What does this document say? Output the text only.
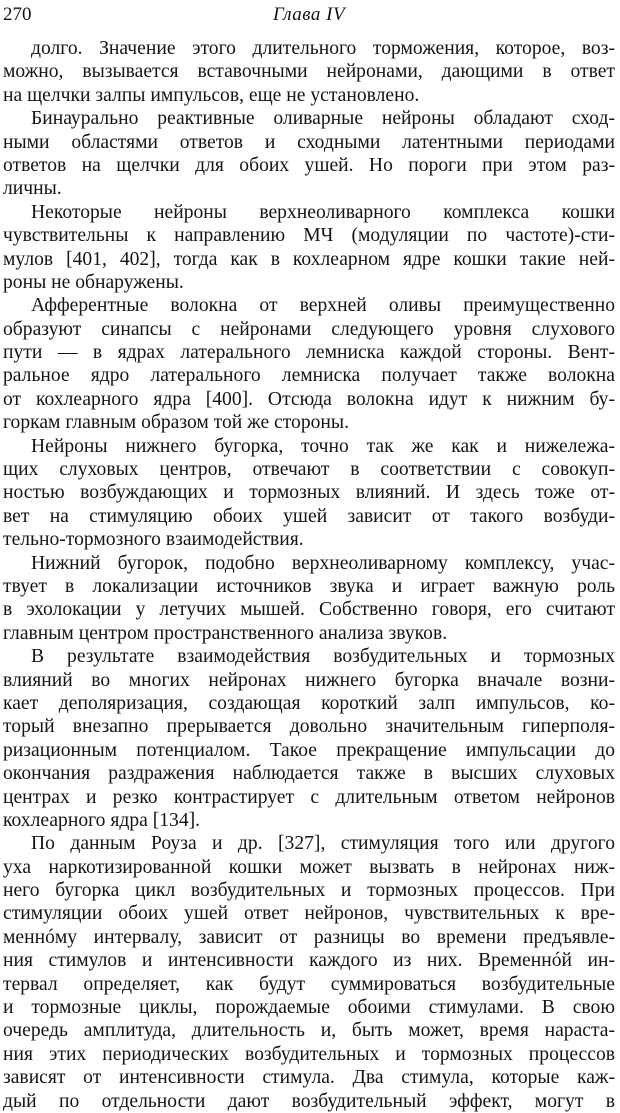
270	Глава IV
долго. Значение этого длительного торможения, которое, воз-
можно, вызывается вставочными нейронами, дающими в ответ
на щелчки залпы импульсов, еще не установлено.
Бинаурально реактивные оливарные нейроны обладают сход-
ными областями ответов и сходными латентными периодами
ответов на щелчки для обоих ушей. Но пороги при этом раз-
личны.
Некоторые нейроны верхнеоливарного комплекса кошки
чувствительны к направлению МЧ (модуляции по частоте)-сти-
мулов [401, 402], тогда как в кохлеарном ядре кошки такие ней-
роны не обнаружены.
Афферентные волокна от верхней оливы преимущественно
образуют синапсы с нейронами следующего уровня слухового
пути — в ядрах латерального лемниска каждой стороны. Вент-
ральное ядро латерального лемниска получает также волокна
от кохлеарного ядра [400]. Отсюда волокна идут к нижним бу-
горкам главным образом той же стороны.
Нейроны нижнего бугорка, точно так же как и нижележа-
щих слуховых центров, отвечают в соответствии с совокуп-
ностью возбуждающих и тормозных влияний. И здесь тоже от-
вет на стимуляцию обоих ушей зависит от такого возбуди-
тельно-тормозного взаимодействия.
Нижний бугорок, подобно верхнеоливарному комплексу, учас-
твует в локализации источников звука и играет важную роль
в эхолокации у летучих мышей. Собственно говоря, его считают
главным центром пространственного анализа звуков.
В результате взаимодействия возбудительных и тормозных
влияний во многих нейронах нижнего бугорка вначале возни-
кает деполяризация, создающая короткий залп импульсов, ко-
торый внезапно прерывается довольно значительным гиперполя-
ризационным потенциалом. Такое прекращение импульсации до
окончания раздражения наблюдается также в высших слуховых
центрах и резко контрастирует с длительным ответом нейронов
кохлеарного ядра [134].
По данным Роуза и др. [327], стимуляция того или другого
уха наркотизированной кошки может вызвать в нейронах ниж-
него бугорка цикл возбудительных и тормозных процессов. При
стимуляции обоих ушей ответ нейронов, чувствительных к вре-
меннóму интервалу, зависит от разницы во времени предъявле-
ния стимулов и интенсивности каждого из них. Временнóй ин-
тервал определяет, как будут суммироваться возбудительные
и тормозные циклы, порождаемые обоими стимулами. В свою
очередь амплитуда, длительность и, быть может, время нараста-
ния этих периодических возбудительных и тормозных процессов
зависят от интенсивности стимула. Два стимула, которые каж-
дый по отдельности дают возбудительный эффект, могут в
